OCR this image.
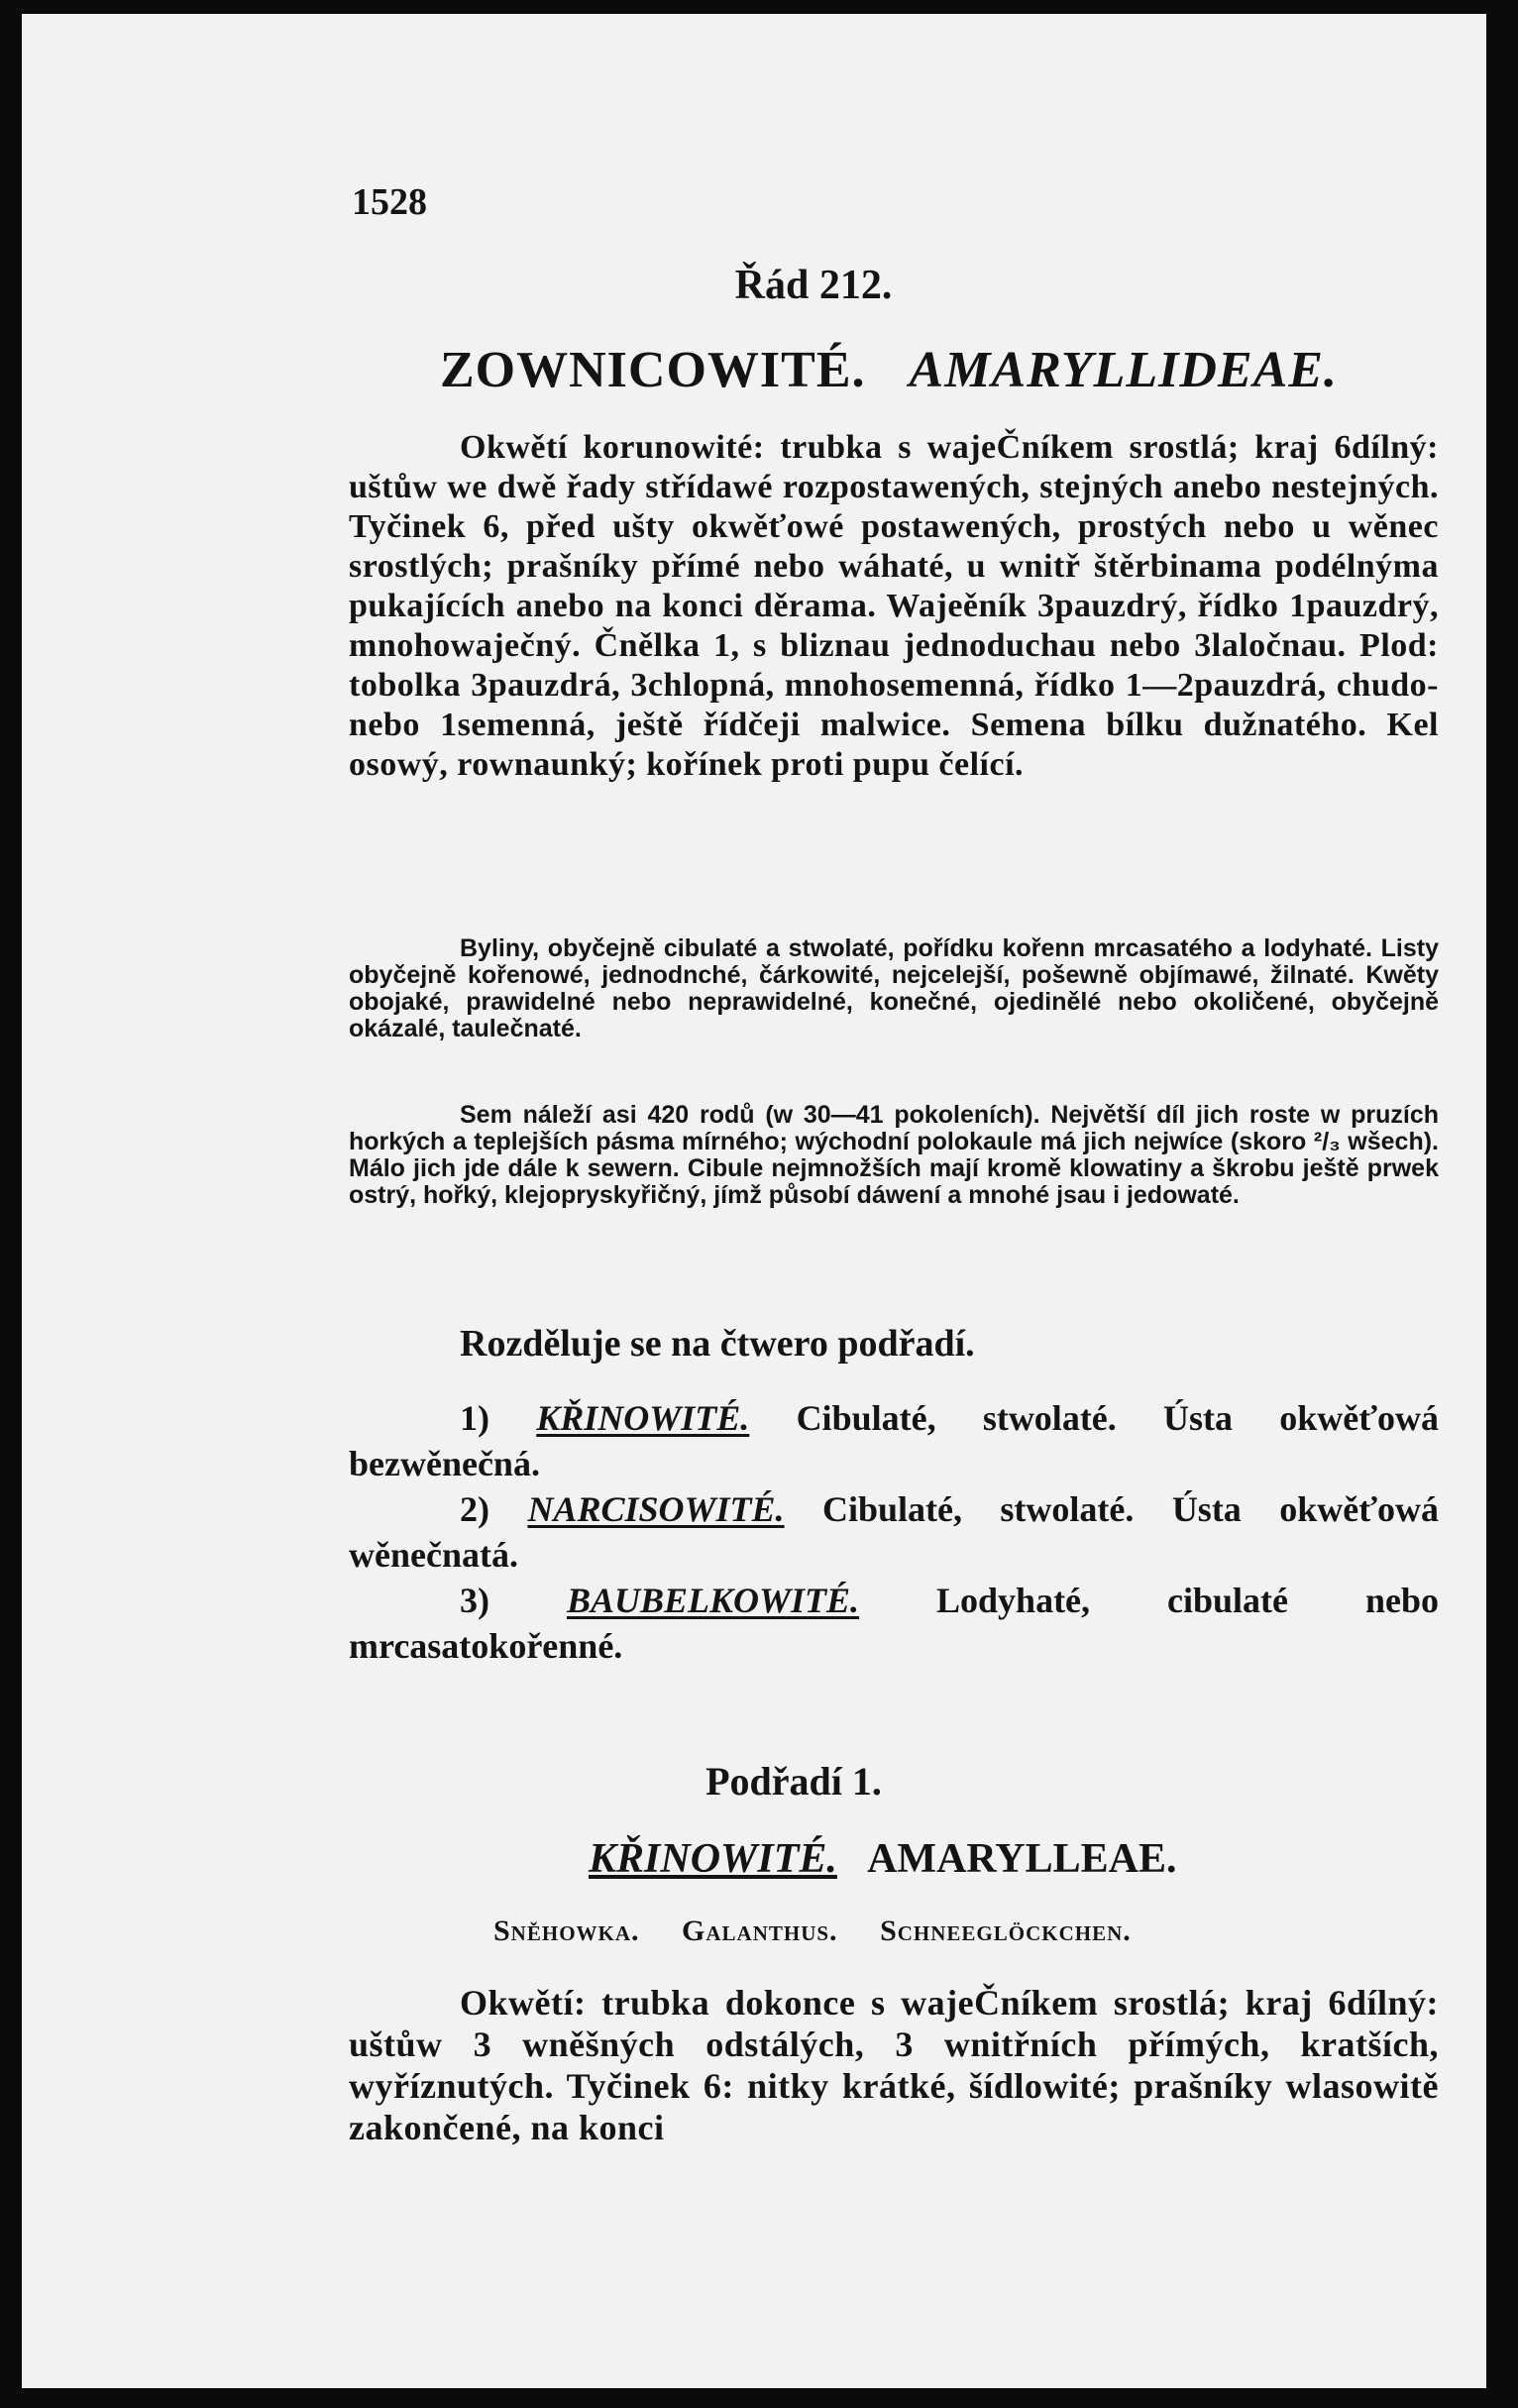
1528
Řád 212.
ZOWNICOWITÉ. AMARYLLIDEAE.
Okwětí korunowité: trubka s wajeČníkem srostlá; kraj 6dílný: uštůw we dwě řady střídawé rozpostawených, stejných anebo nestejných. Tyčinek 6, před ušty okwěťowé postawených, prostých nebo u wěnec srostlých; prašníky přímé nebo wáhaté, u wnitř štěrbinama podélnýma pukajících anebo na konci děrama. Wajeěník 3pauzdrý, řídko 1pauzdrý, mnohowaječný. Čnělka 1, s bliznau jednoduchau nebo 3laločnau. Plod: tobolka 3pauzdrá, 3chlopná, mnohosemenná, řídko 1—2pauzdrá, chudo- nebo 1semenná, ještě řídčeji malwice. Semena bílku dužnatého. Kel osowý, rownaunký; kořínek proti pupu čelící.
Byliny, obyčejně cibulaté a stwolaté, pořídku kořenn mrcasatého a lodyhaté. Listy obyčejně kořenowé, jednodnché, čárkowité, nejcelejší, pošewně objímawé, žilnaté. Kwěty obojaké, prawidelné nebo neprawidelné, konečné, ojedinělé nebo okoličené, obyčejně okázalé, taulečnaté.
Sem náleží asi 420 rodů (w 30—41 pokoleních). Největší díl jich roste w pruzích horkých a teplejších pásma mírného; wýchodní polokaule má jich nejwíce (skoro ²/₃ wšech). Málo jich jde dále k sewern. Cibule nejmnožších mají kromě klowatiny a škrobu ještě prwek ostrý, hořký, klejopryskyřičný, jímž působí dáwení a mnohé jsau i jedowaté.
Rozděluje se na čtwero podřadí.
1) KŘINOWITÉ. Cibulaté, stwolaté. Ústa okwěťowá bezwěnečná.
2) NARCISOWITÉ. Cibulaté, stwolaté. Ústa okwěťowá wěnečnatá.
3) BAUBELKOWITÉ. Lodyhaté, cibulaté nebo mrcasatokořenné.
Podřadí 1.
KŘINOWITÉ. AMARYLLEAE.
Sněhowka. Galanthus. Schneeglöckchen.
Okwětí: trubka dokonce s wajeČníkem srostlá; kraj 6dílný: uštůw 3 wněšných odstálých, 3 wnitřních přímých, kratších, wyříznutých. Tyčinek 6: nitky krátké, šídlowité; prašníky wlasowitě zakončené, na konci
